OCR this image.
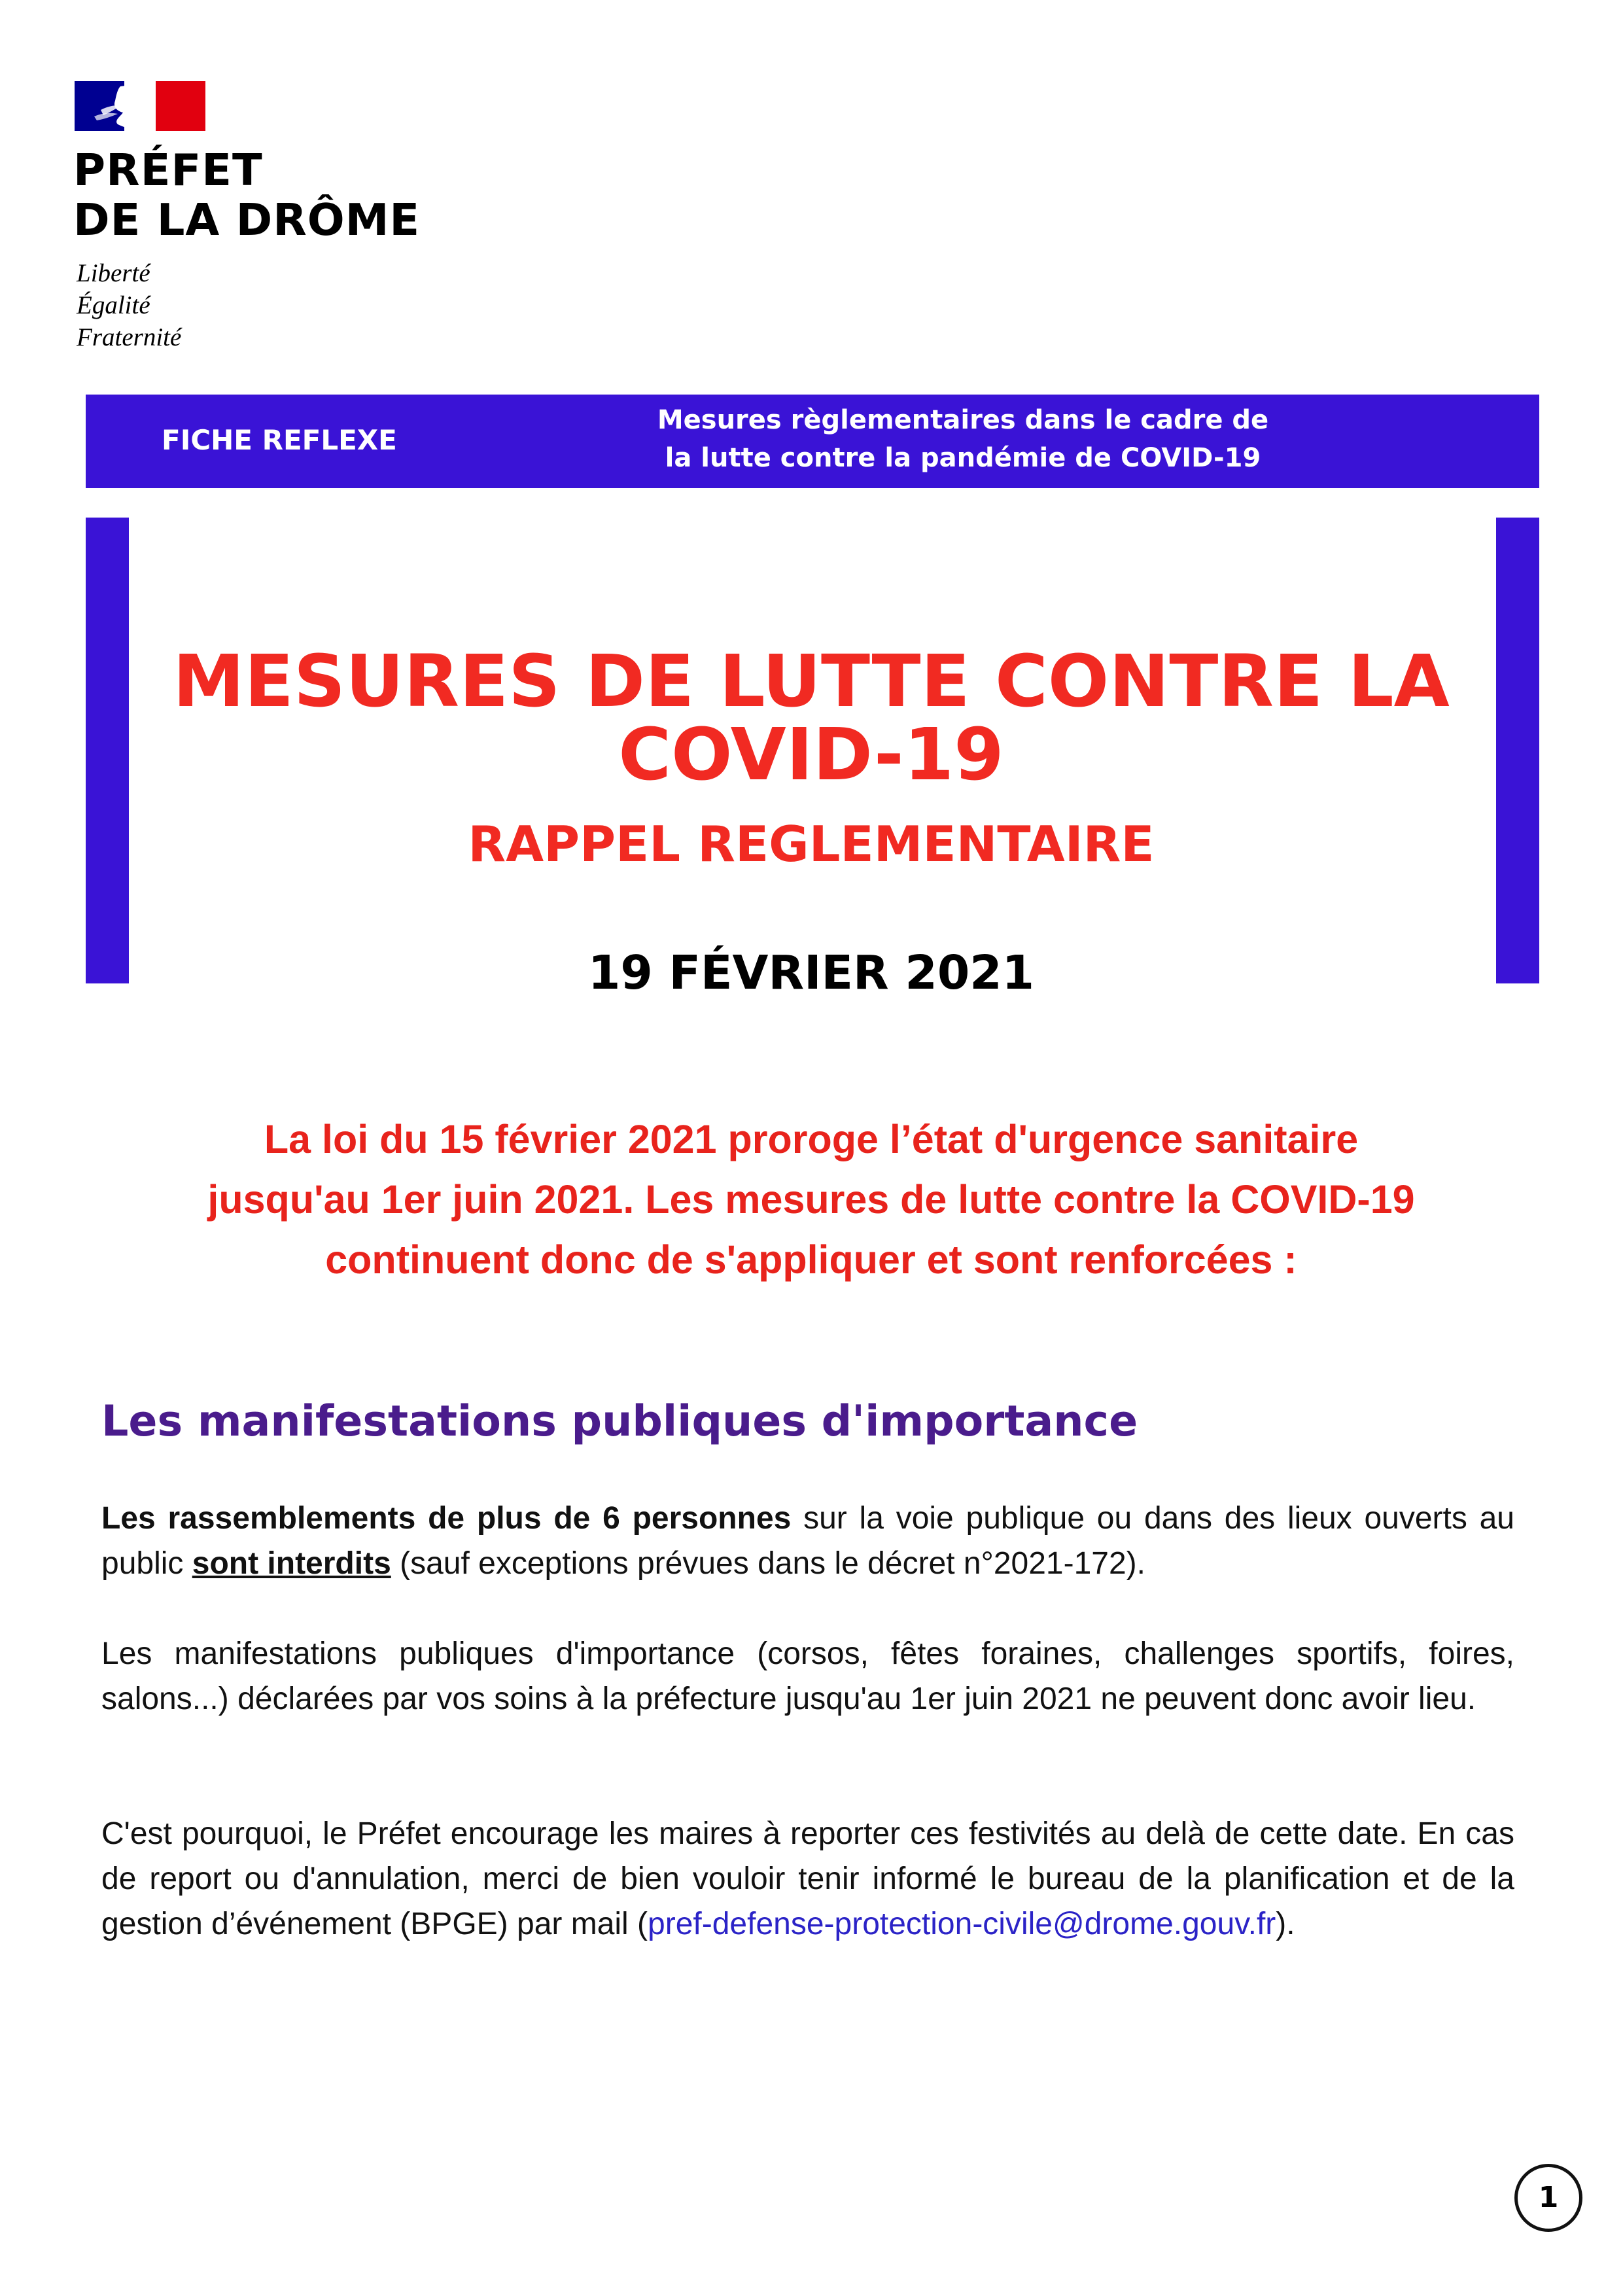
PRÉFET
DE LA DRÔME
Liberté
Égalité
Fraternité
FICHE REFLEXE
Mesures règlementaires dans le cadre de
la lutte contre la pandémie de COVID-19
MESURES DE LUTTE CONTRE LA
COVID-19
RAPPEL REGLEMENTAIRE
19 FÉVRIER 2021
La loi du 15 février 2021 proroge l’état d'urgence sanitaire
jusqu'au 1er juin 2021. Les mesures de lutte contre la COVID-19
continuent donc de s'appliquer et sont renforcées :
Les manifestations publiques d'importance
Les rassemblements de plus de 6 personnes sur la voie publique ou dans des lieux ouverts au public sont interdits (sauf exceptions prévues dans le décret n°2021-172).
Les manifestations publiques d'importance (corsos, fêtes foraines, challenges sportifs, foires, salons...) déclarées par vos soins à la préfecture jusqu'au 1er juin 2021 ne peuvent donc avoir lieu.
C'est pourquoi, le Préfet encourage les maires à reporter ces festivités au delà de cette date. En cas de report ou d'annulation, merci de bien vouloir tenir informé le bureau de la planification et de la gestion d’événement (BPGE) par mail (pref-defense-protection-civile@drome.gouv.fr).
1
